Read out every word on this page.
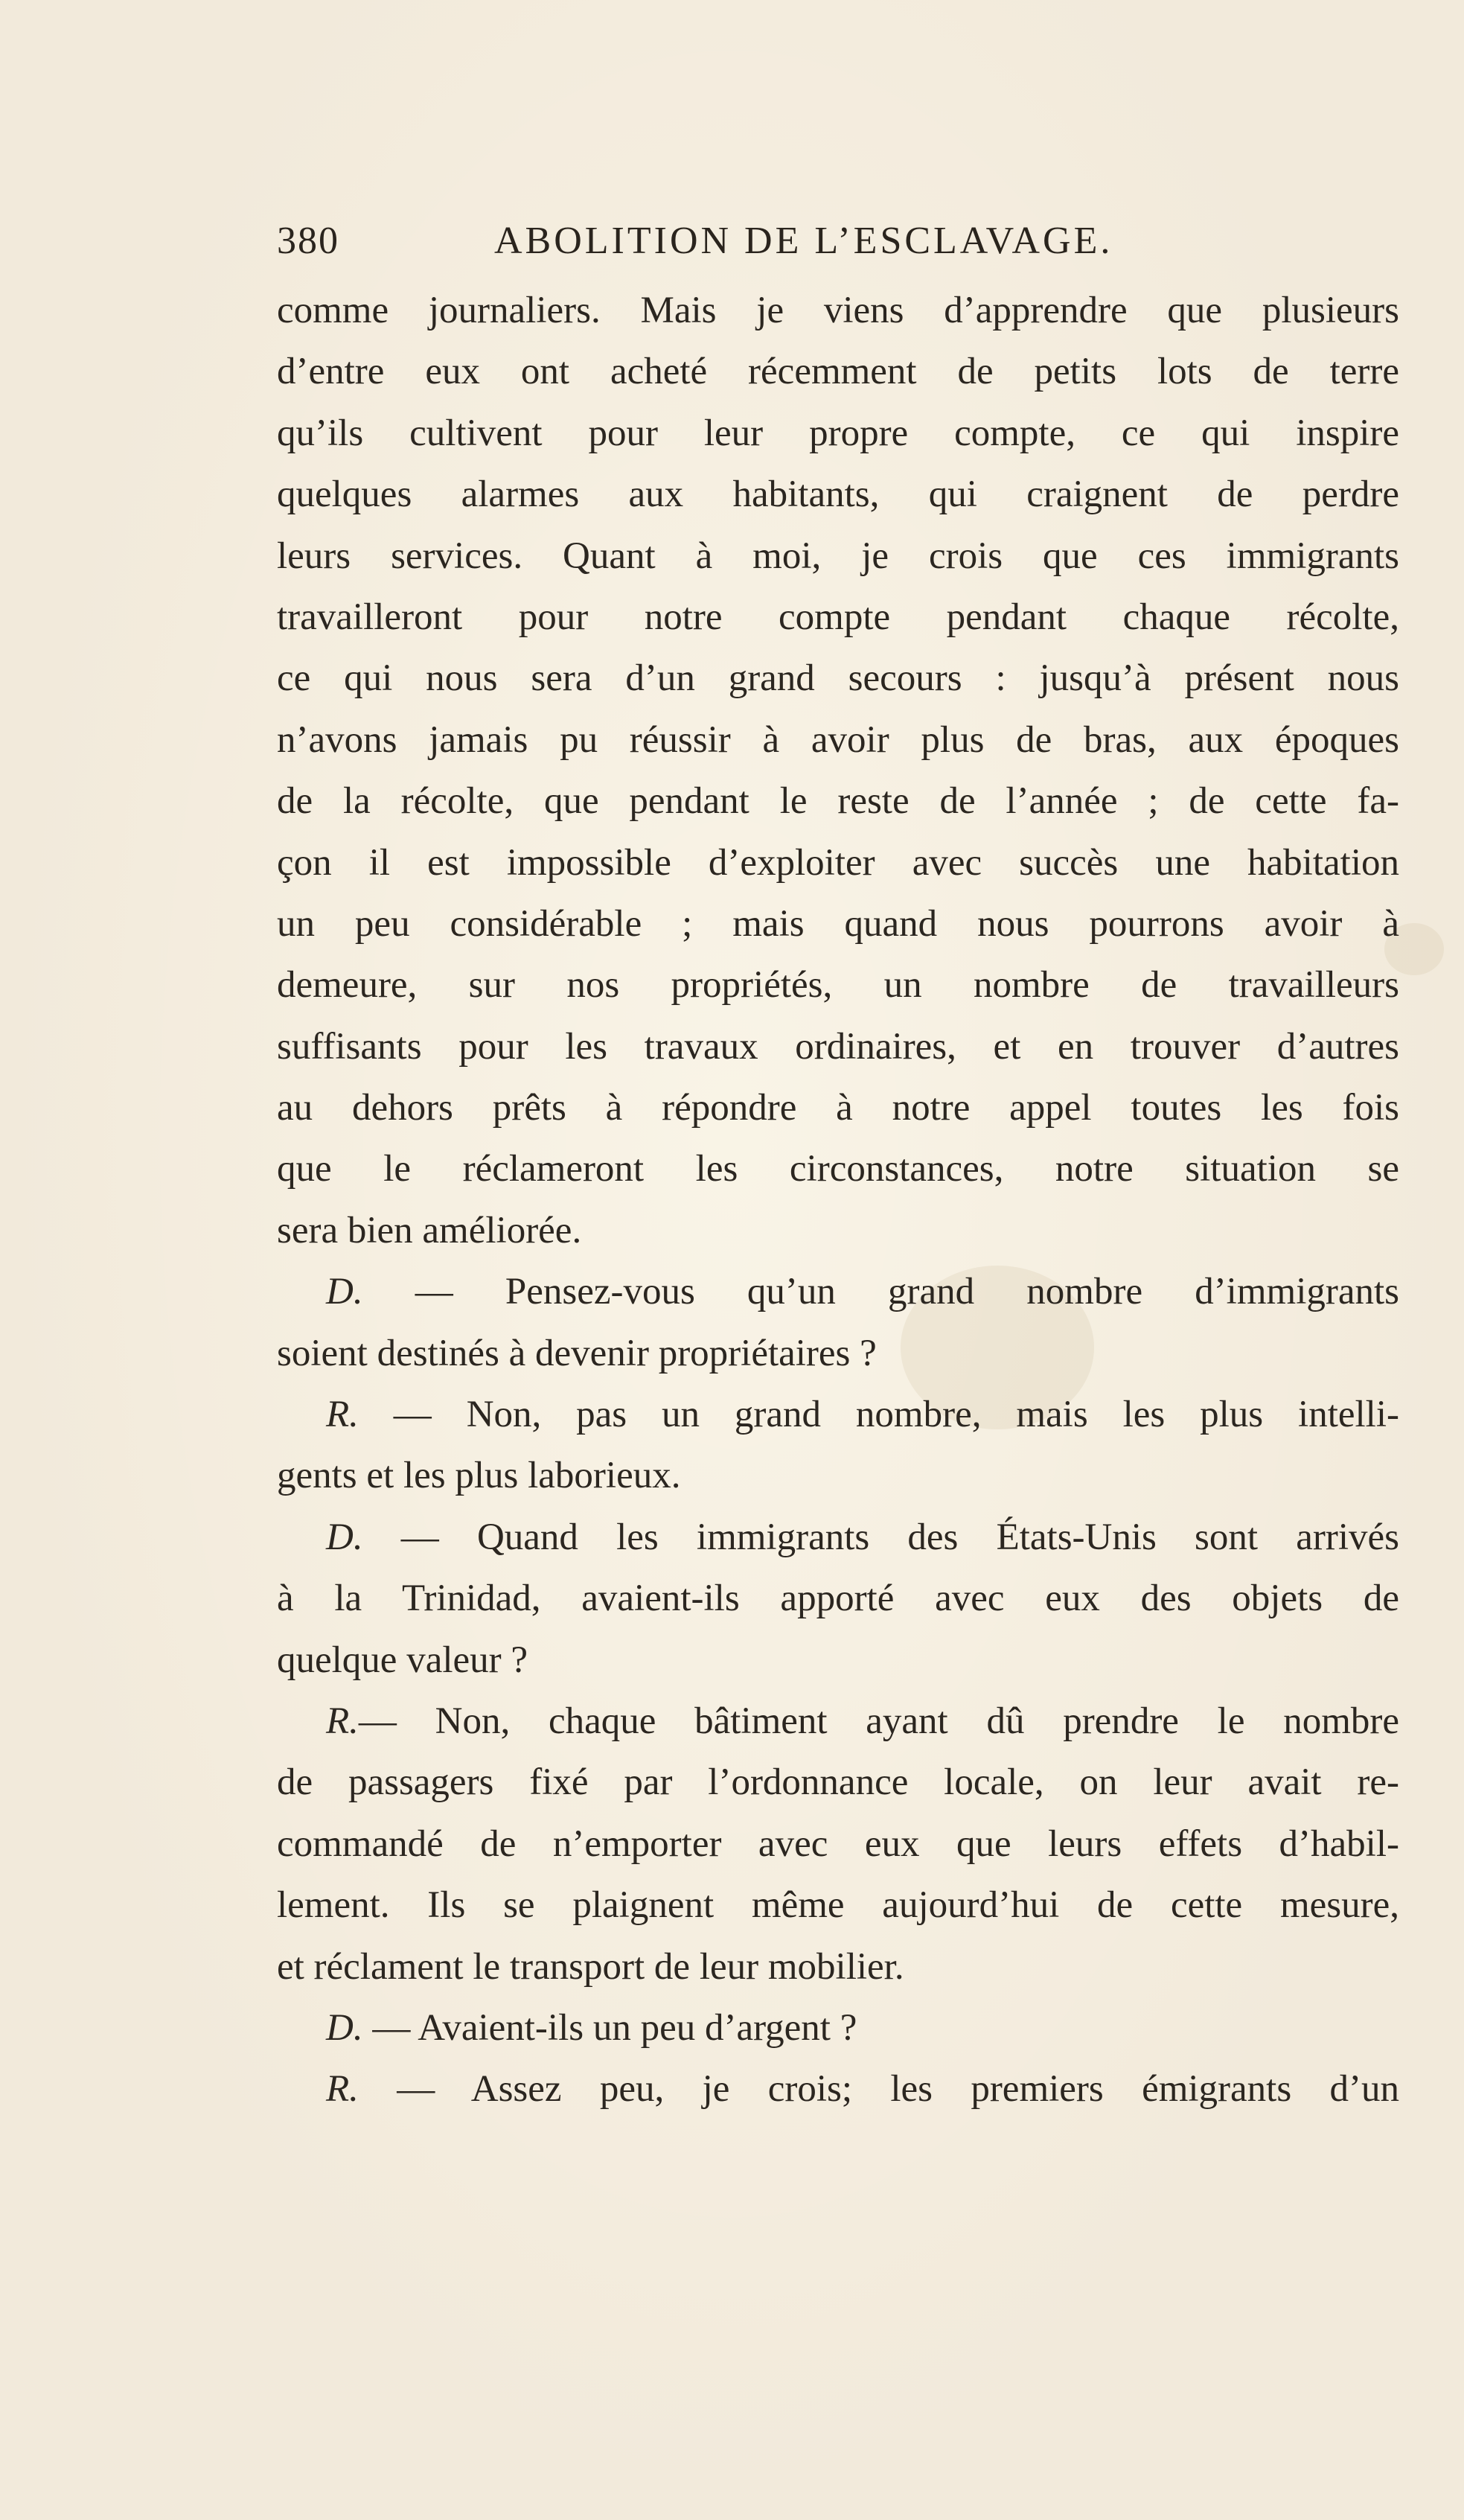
380	ABOLITION DE L’ESCLAVAGE.
comme journaliers. Mais je viens d’apprendre que plusieurs
d’entre eux ont acheté récemment de petits lots de terre
qu’ils cultivent pour leur propre compte, ce qui inspire
quelques alarmes aux habitants, qui craignent de perdre
leurs services. Quant à moi, je crois que ces immigrants
travailleront pour notre compte pendant chaque récolte,
ce qui nous sera d’un grand secours : jusqu’à présent nous
n’avons jamais pu réussir à avoir plus de bras, aux époques
de la récolte, que pendant le reste de l’année ; de cette fa-
çon il est impossible d’exploiter avec succès une habitation
un peu considérable ; mais quand nous pourrons avoir à
demeure, sur nos propriétés, un nombre de travailleurs
suffisants pour les travaux ordinaires, et en trouver d’autres
au dehors prêts à répondre à notre appel toutes les fois
que le réclameront les circonstances, notre situation se
sera bien améliorée.
D. — Pensez-vous qu’un grand nombre d’immigrants
soient destinés à devenir propriétaires ?
R. — Non, pas un grand nombre, mais les plus intelli-
gents et les plus laborieux.
D. — Quand les immigrants des États-Unis sont arrivés
à la Trinidad, avaient-ils apporté avec eux des objets de
quelque valeur ?
R.— Non, chaque bâtiment ayant dû prendre le nombre
de passagers fixé par l’ordonnance locale, on leur avait re-
commandé de n’emporter avec eux que leurs effets d’habil-
lement. Ils se plaignent même aujourd’hui de cette mesure,
et réclament le transport de leur mobilier.
D. — Avaient-ils un peu d’argent ?
R. — Assez peu, je crois; les premiers émigrants d’un
